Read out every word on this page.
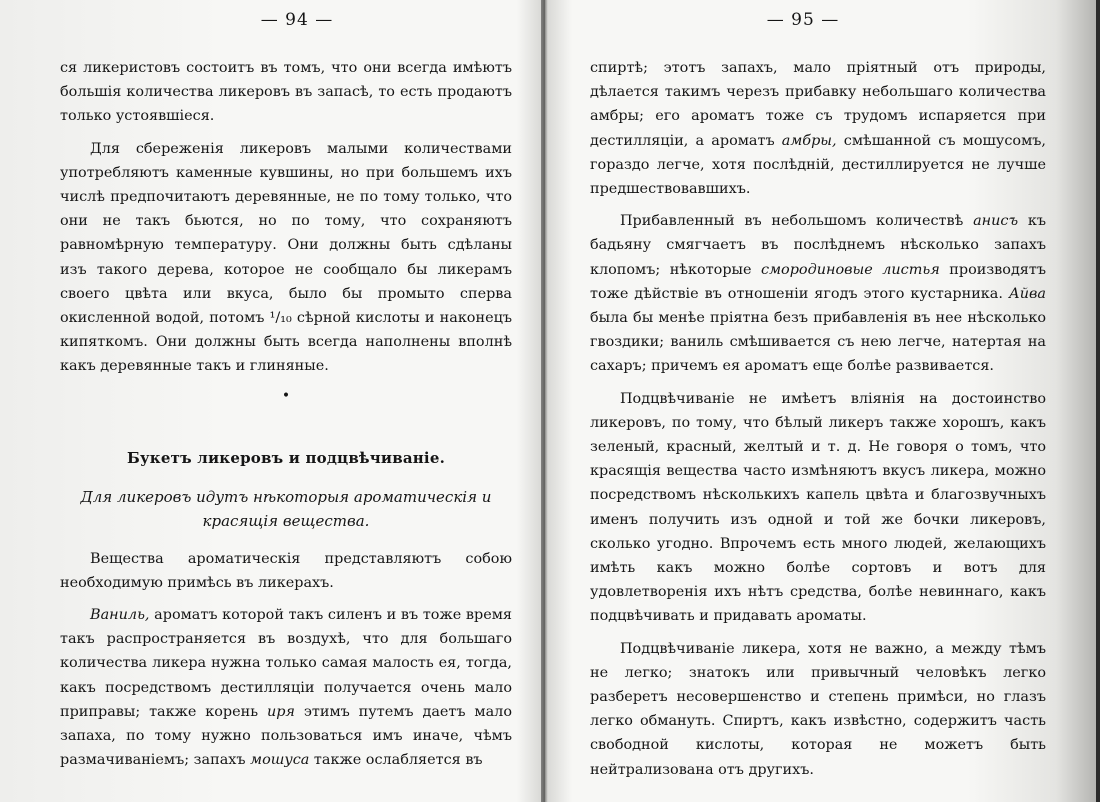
— 94 —

ся ликеристовъ состоитъ въ томъ, что они всегда имѣютъ большія количества ликеровъ въ запасѣ, то есть продаютъ только устоявшіеся.

Для сбереженія ликеровъ малыми количествами употребляютъ каменные кувшины, но при большемъ ихъ числѣ предпочитаютъ деревянные, не по тому только, что они не такъ бьются, но по тому, что сохраняютъ равномѣрную температуру. Они должны быть сдѣланы изъ такого дерева, которое не сообщало бы ликерамъ своего цвѣта или вкуса, было бы промыто сперва окисленной водой, потомъ ¹/₁₀ сѣрной кислоты и наконецъ кипяткомъ. Они должны быть всегда наполнены вполнѣ какъ деревянные такъ и глиняные.

•
Букетъ ликеровъ и подцвѣчиваніе.
Для ликеровъ идутъ нѣкоторыя ароматическія и красящія вещества.

Вещества ароматическія представляютъ собою необходимую примѣсь въ ликерахъ.

Ваниль, ароматъ которой такъ силенъ и въ тоже время такъ распространяется въ воздухѣ, что для большаго количества ликера нужна только самая малость ея, тогда, какъ посредствомъ дестилляціи получается очень мало приправы; также корень иря этимъ путемъ даетъ мало запаха, по тому нужно пользоваться имъ иначе, чѣмъ размачиваніемъ; запахъ мошуса также ослабляется въ

— 95 —

спиртѣ; этотъ запахъ, мало пріятный отъ природы, дѣлается такимъ черезъ прибавку небольшаго количества амбры; его ароматъ тоже съ трудомъ испаряется при дестилляціи, а ароматъ амбры, смѣшанной съ мошусомъ, гораздо легче, хотя послѣдній, дестиллируется не лучше предшествовавшихъ.

Прибавленный въ небольшомъ количествѣ анисъ къ бадьяну смягчаетъ въ послѣднемъ нѣсколько запахъ клопомъ; нѣкоторые смородиновые листья производятъ тоже дѣйствіе въ отношеніи ягодъ этого кустарника. Айва была бы менѣе пріятна безъ прибавленія въ нее нѣсколько гвоздики; ваниль смѣшивается съ нею легче, натертая на сахаръ; причемъ ея ароматъ еще болѣе развивается.

Подцвѣчиваніе не имѣетъ вліянія на достоинство ликеровъ, по тому, что бѣлый ликеръ также хорошъ, какъ зеленый, красный, желтый и т. д. Не говоря о томъ, что красящія вещества часто измѣняютъ вкусъ ликера, можно посредствомъ нѣсколькихъ капель цвѣта и благозвучныхъ именъ получить изъ одной и той же бочки ликеровъ, сколько угодно. Впрочемъ есть много людей, желающихъ имѣть какъ можно болѣе сортовъ и вотъ для удовлетворенія ихъ нѣтъ средства, болѣе невиннаго, какъ подцвѣчивать и придавать ароматы.

Подцвѣчиваніе ликера, хотя не важно, а между тѣмъ не легко; знатокъ или привычный человѣкъ легко разберетъ несовершенство и степень примѣси, но глазъ легко обмануть. Спиртъ, какъ извѣстно, содержитъ часть свободной кислоты, которая не можетъ быть нейтрализована отъ другихъ.
